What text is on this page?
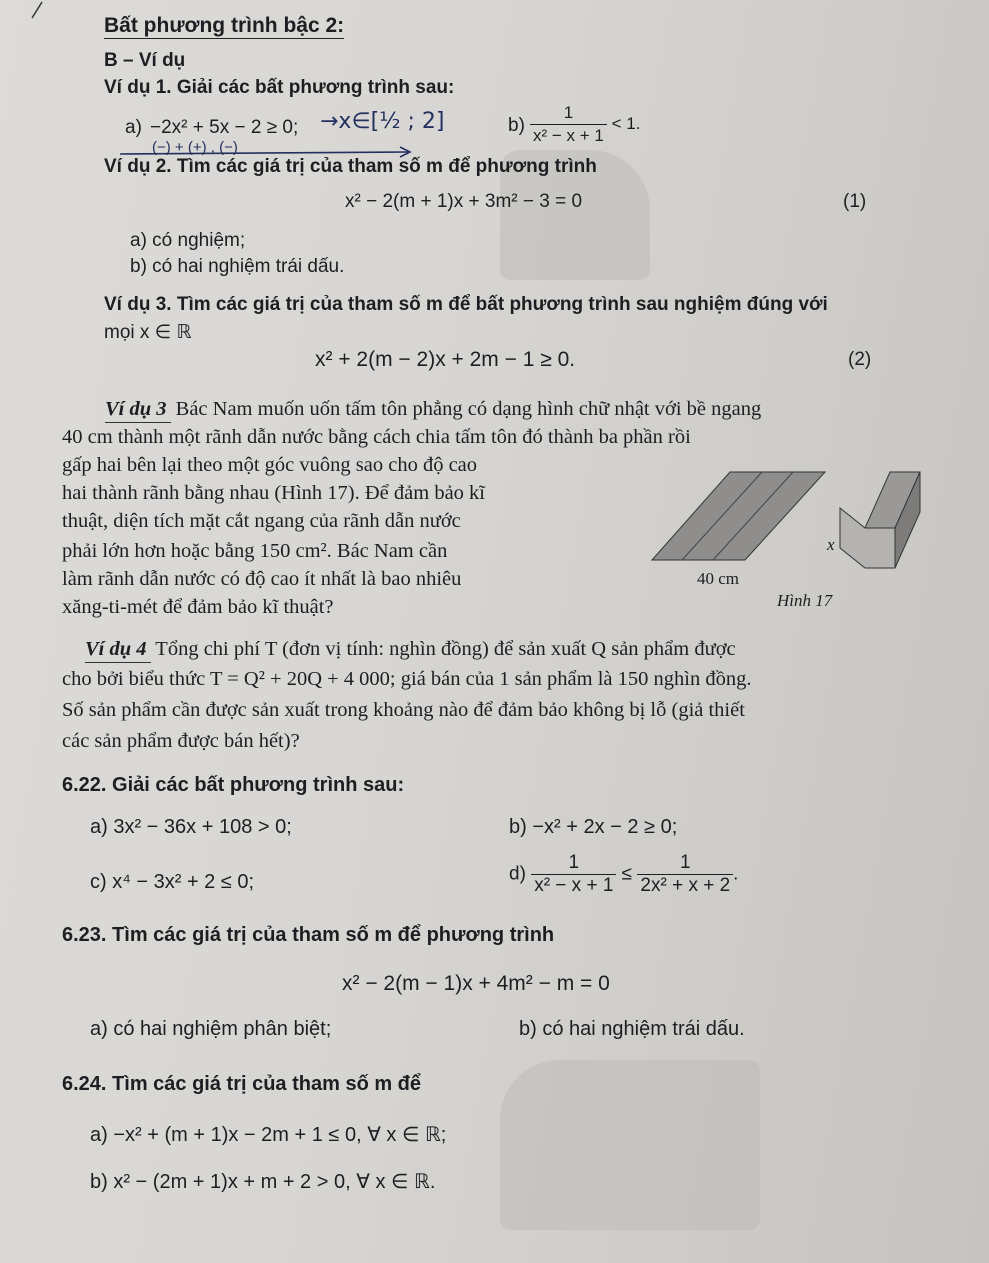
Bất phương trình bậc 2:
B – Ví dụ
Ví dụ 1. Giải các bất phương trình sau:
a) −2x² + 5x − 2 ≥ 0; →x∈[½ ; 2]
(−) + (+) , (−)
$b) \frac{1}{\text{x² − x + 1}} < 1$.
Ví dụ 2. Tìm các giá trị của tham số m để phương trình
x² − 2(m + 1)x + 3m² − 3 = 0	(1)
a) có nghiệm;
b) có hai nghiệm trái dấu.
Ví dụ 3. Tìm các giá trị của tham số m để bất phương trình sau nghiệm đúng với
mọi x ∈ ℝ
x² + 2(m − 2)x + 2m − 1 ≥ 0.	(2)
Ví dụ 3 Bác Nam muốn uốn tấm tôn phẳng có dạng hình chữ nhật với bề ngang
40 cm thành một rãnh dẫn nước bằng cách chia tấm tôn đó thành ba phần rồi
gấp hai bên lại theo một góc vuông sao cho độ cao
hai thành rãnh bằng nhau (Hình 17). Để đảm bảo kĩ
thuật, diện tích mặt cắt ngang của rãnh dẫn nước
phải lớn hơn hoặc bằng 150 cm². Bác Nam cần
làm rãnh dẫn nước có độ cao ít nhất là bao nhiêu
xăng-ti-mét để đảm bảo kĩ thuật?
x
40 cm
Hình 17
Ví dụ 4 Tổng chi phí T (đơn vị tính: nghìn đồng) để sản xuất Q sản phẩm được
cho bởi biểu thức T = Q² + 20Q + 4 000; giá bán của 1 sản phẩm là 150 nghìn đồng.
Số sản phẩm cần được sản xuất trong khoảng nào để đảm bảo không bị lỗ (giả thiết
các sản phẩm được bán hết)?
6.22. Giải các bất phương trình sau:
a) 3x² − 36x + 108 > 0;	b) −x² + 2x − 2 ≥ 0;
c) x⁴ − 3x² + 2 ≤ 0;	$d) \frac{1}{\text{x² − x + 1}} \le \frac{1}{\text{2x² + x + 2}}$ .
6.23. Tìm các giá trị của tham số m để phương trình
x² − 2(m − 1)x + 4m² − m = 0
a) có hai nghiệm phân biệt;	b) có hai nghiệm trái dấu.
6.24. Tìm các giá trị của tham số m để
a) −x² + (m + 1)x − 2m + 1 ≤ 0, ∀ x ∈ ℝ;
b) x² − (2m + 1)x + m + 2 > 0, ∀ x ∈ ℝ.
